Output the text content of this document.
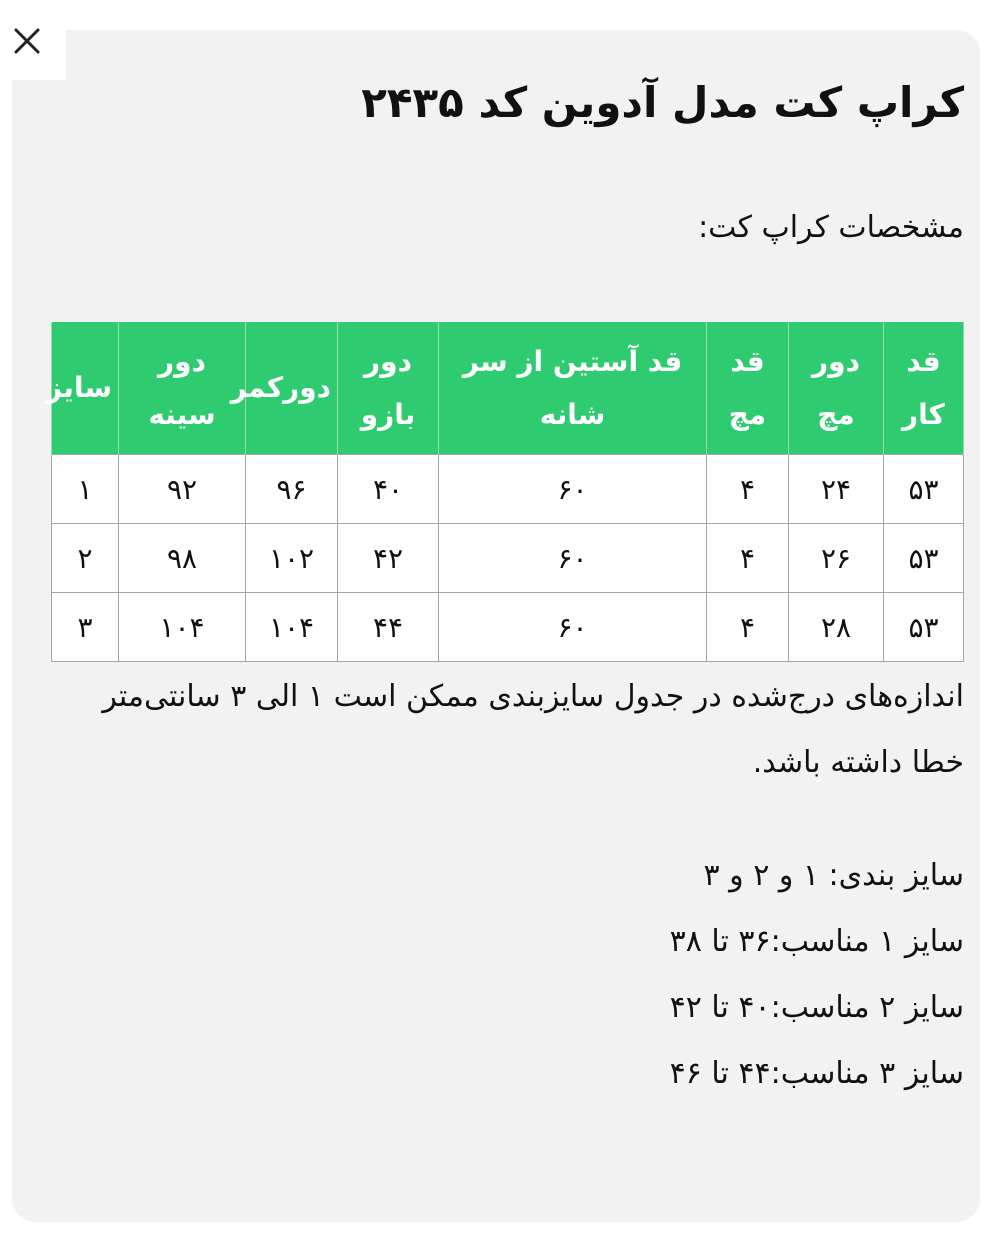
کراپ کت مدل آدوین کد ۲۴۳۵

مشخصات کراپ کت:

قد کار	دور مچ	قد مچ	قد آستین از سر شانه	دور بازو	دورکمر	دور سینه	سایز
۵۳	۲۴	۴	۶۰	۴۰	۹۶	۹۲	۱
۵۳	۲۶	۴	۶۰	۴۲	۱۰۲	۹۸	۲
۵۳	۲۸	۴	۶۰	۴۴	۱۰۴	۱۰۴	۳

اندازه‌های درج‌شده در جدول سایزبندی ممکن است ۱ الی ۳ سانتی‌متر خطا داشته باشد.

سایز بندی: ۱ و ۲ و ۳

سایز ۱ مناسب:۳۶ تا ۳۸

سایز ۲ مناسب:۴۰ تا ۴۲

سایز ۳ مناسب:۴۴ تا ۴۶
